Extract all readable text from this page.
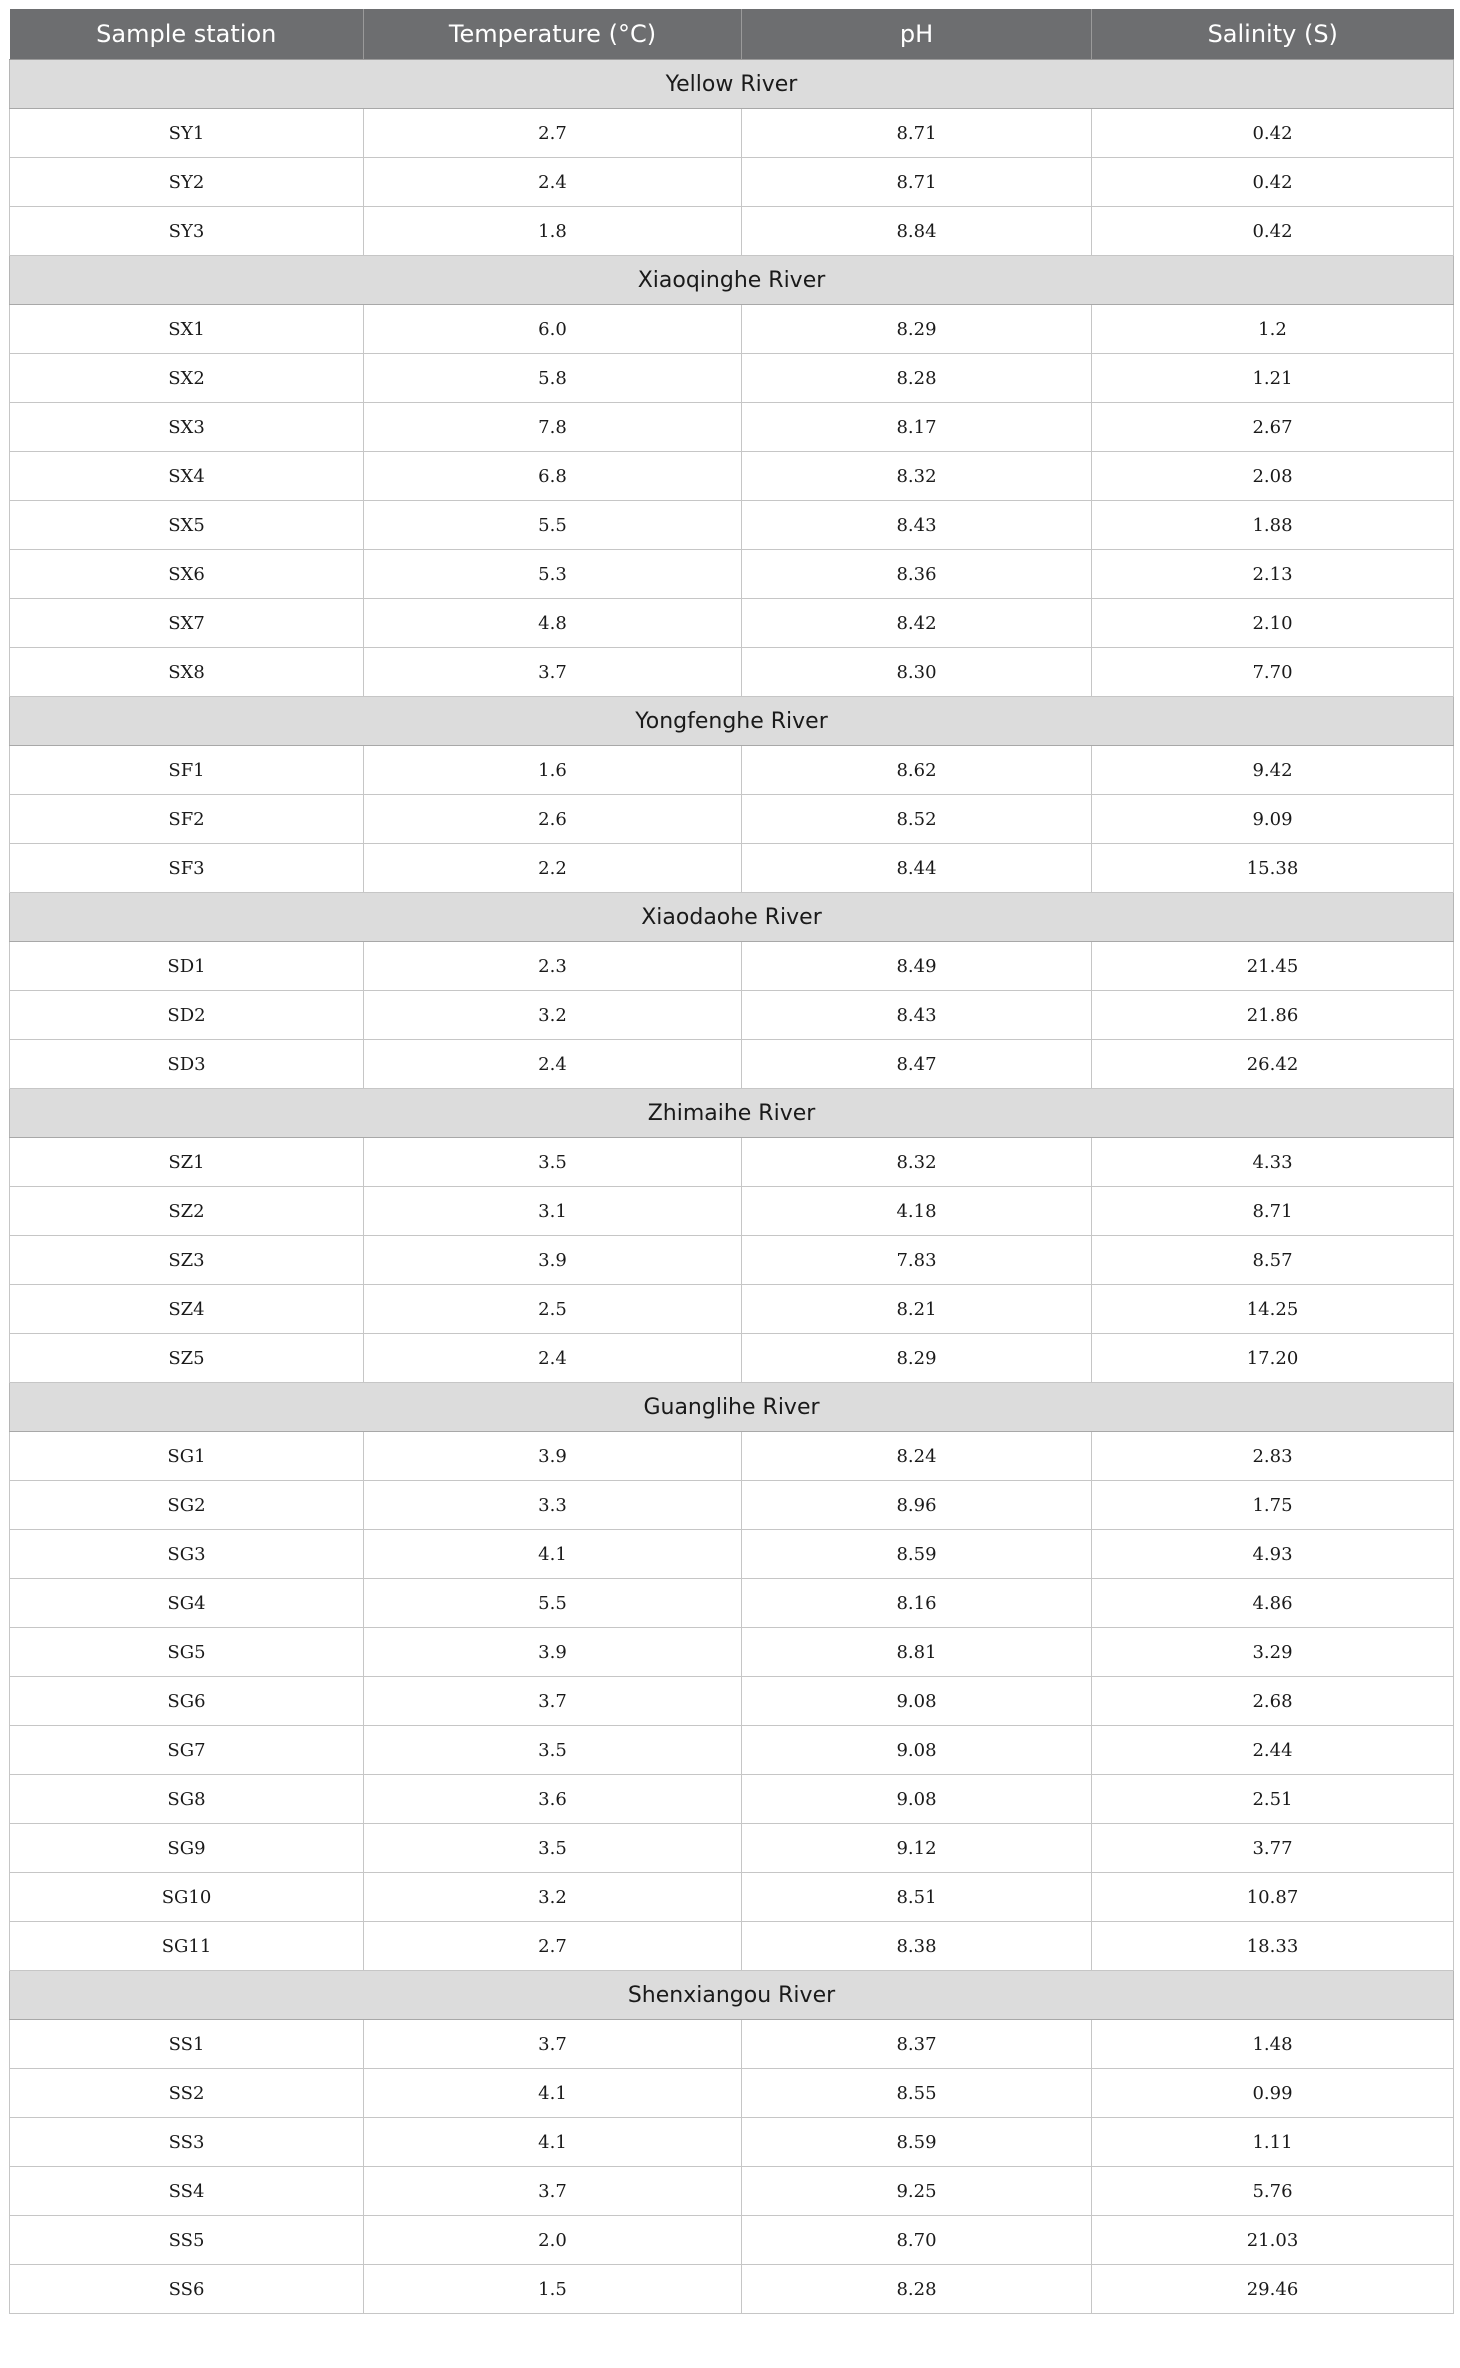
Sample station	Temperature (°C)	pH	Salinity (S)
Yellow River			
SY1	2.7	8.71	0.42
SY2	2.4	8.71	0.42
SY3	1.8	8.84	0.42
Xiaoqinghe River			
SX1	6.0	8.29	1.2
SX2	5.8	8.28	1.21
SX3	7.8	8.17	2.67
SX4	6.8	8.32	2.08
SX5	5.5	8.43	1.88
SX6	5.3	8.36	2.13
SX7	4.8	8.42	2.10
SX8	3.7	8.30	7.70
Yongfenghe River			
SF1	1.6	8.62	9.42
SF2	2.6	8.52	9.09
SF3	2.2	8.44	15.38
Xiaodaohe River			
SD1	2.3	8.49	21.45
SD2	3.2	8.43	21.86
SD3	2.4	8.47	26.42
Zhimaihe River			
SZ1	3.5	8.32	4.33
SZ2	3.1	4.18	8.71
SZ3	3.9	7.83	8.57
SZ4	2.5	8.21	14.25
SZ5	2.4	8.29	17.20
Guanglihe River			
SG1	3.9	8.24	2.83
SG2	3.3	8.96	1.75
SG3	4.1	8.59	4.93
SG4	5.5	8.16	4.86
SG5	3.9	8.81	3.29
SG6	3.7	9.08	2.68
SG7	3.5	9.08	2.44
SG8	3.6	9.08	2.51
SG9	3.5	9.12	3.77
SG10	3.2	8.51	10.87
SG11	2.7	8.38	18.33
Shenxiangou River			
SS1	3.7	8.37	1.48
SS2	4.1	8.55	0.99
SS3	4.1	8.59	1.11
SS4	3.7	9.25	5.76
SS5	2.0	8.70	21.03
SS6	1.5	8.28	29.46
